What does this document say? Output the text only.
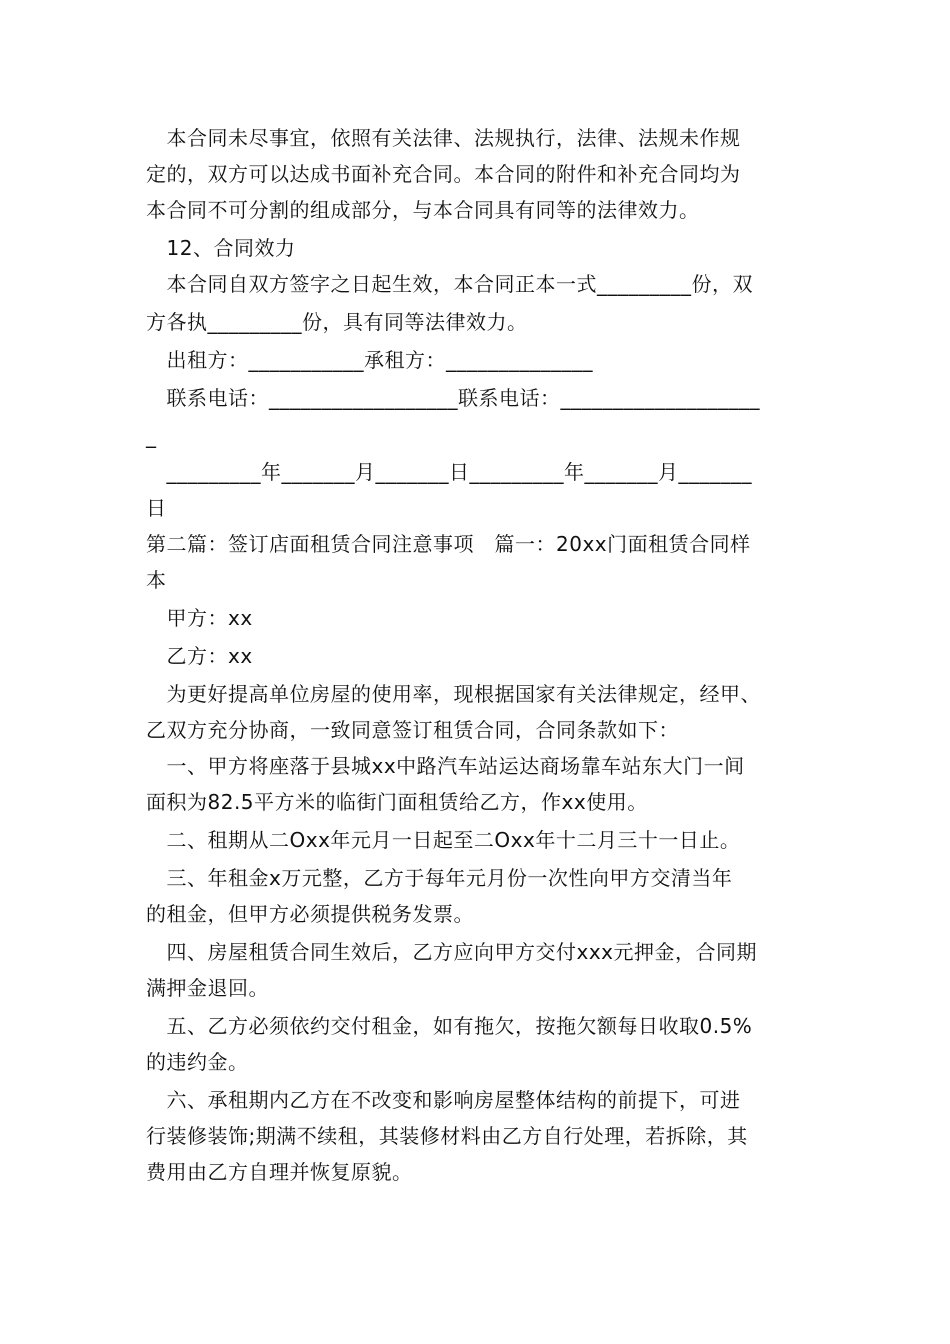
　本合同未尽事宜，依照有关法律、法规执行，法律、法规未作规
定的，双方可以达成书面补充合同。本合同的附件和补充合同均为
本合同不可分割的组成部分，与本合同具有同等的法律效力。
　12、合同效力
　本合同自双方签字之日起生效，本合同正本一式_________份，双
方各执_________份，具有同等法律效力。
　出租方：___________承租方：______________
　联系电话：__________________联系电话：___________________
_
　_________年_______月_______日_________年_______月_______
日
第二篇：签订店面租赁合同注意事项　篇一：20xx门面租赁合同样
本
　甲方：xx
　乙方：xx
　为更好提高单位房屋的使用率，现根据国家有关法律规定，经甲、
乙双方充分协商，一致同意签订租赁合同，合同条款如下：
　一、甲方将座落于县城xx中路汽车站运达商场靠车站东大门一间
面积为82.5平方米的临街门面租赁给乙方，作xx使用。
　二、租期从二Oxx年元月一日起至二Oxx年十二月三十一日止。
　三、年租金x万元整，乙方于每年元月份一次性向甲方交清当年
的租金，但甲方必须提供税务发票。
　四、房屋租赁合同生效后，乙方应向甲方交付xxx元押金，合同期
满押金退回。
　五、乙方必须依约交付租金，如有拖欠，按拖欠额每日收取0.5%
的违约金。
　六、承租期内乙方在不改变和影响房屋整体结构的前提下，可进
行装修装饰;期满不续租，其装修材料由乙方自行处理，若拆除，其
费用由乙方自理并恢复原貌。
